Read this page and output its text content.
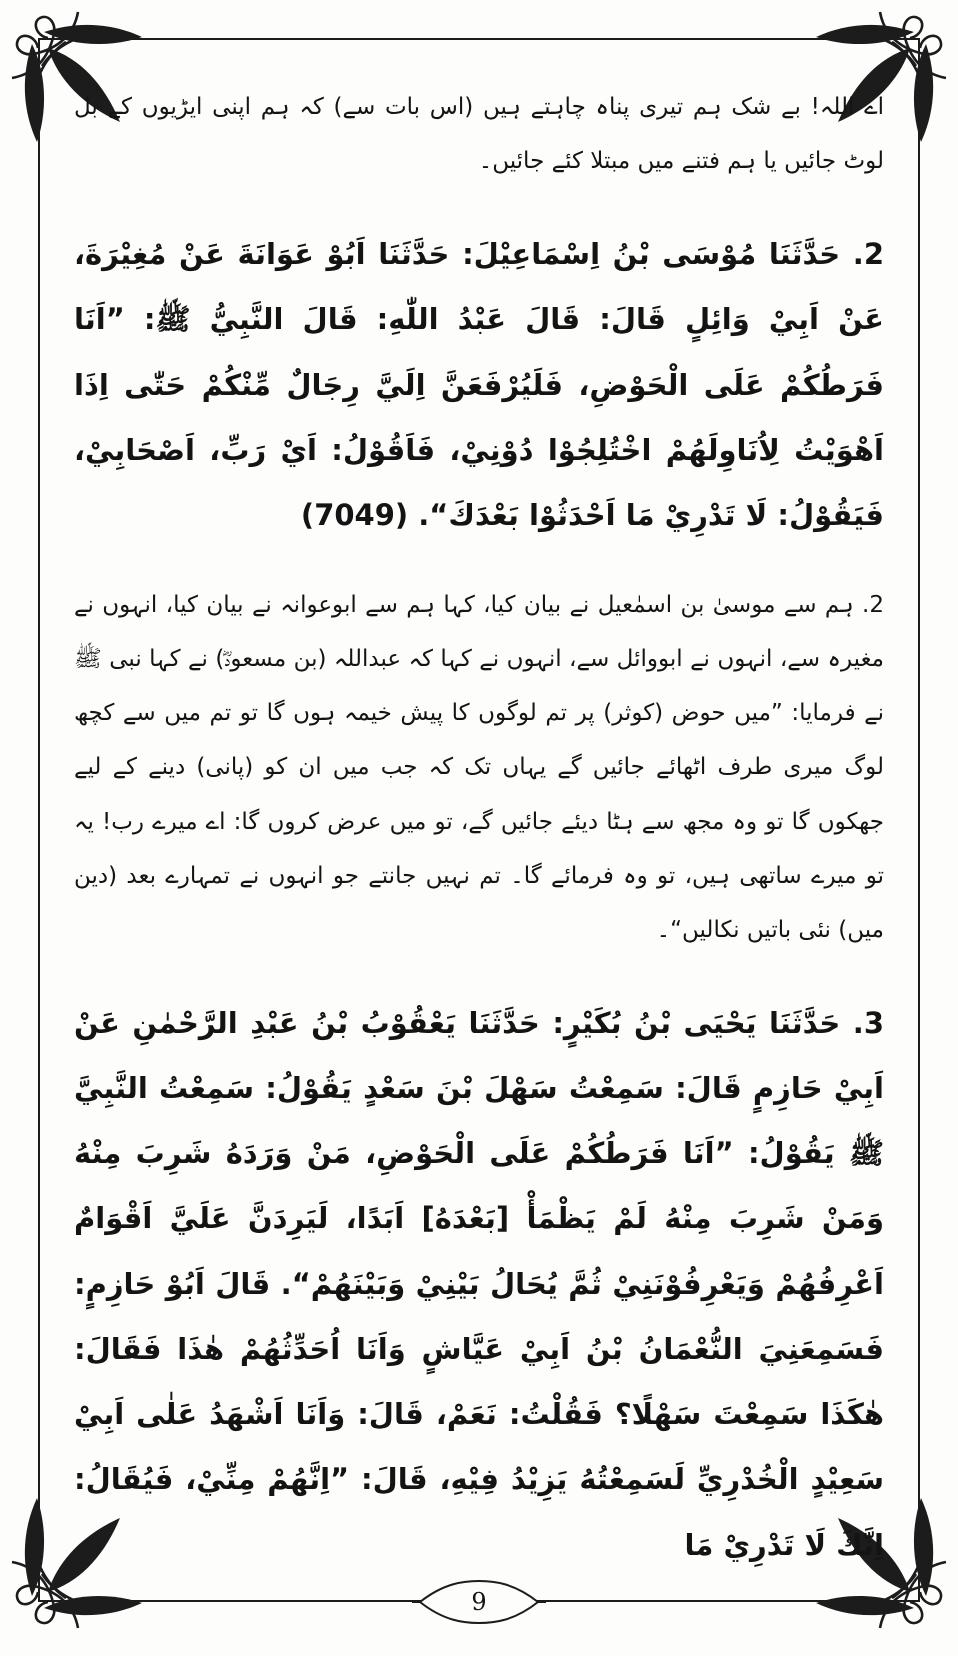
اے اللہ! بے شک ہم تیری پناہ چاہتے ہیں (اس بات سے) کہ ہم اپنی ایڑیوں کے بل لوٹ جائیں یا ہم فتنے میں مبتلا کئے جائیں۔

2. حَدَّثَنَا مُوْسَى بْنُ اِسْمَاعِيْلَ: حَدَّثَنَا اَبُوْ عَوَانَةَ عَنْ مُغِيْرَةَ، عَنْ اَبِيْ وَائِلٍ قَالَ: قَالَ عَبْدُ اللّٰهِ: قَالَ النَّبِيُّ ﷺ: ”اَنَا فَرَطُكُمْ عَلَى الْحَوْضِ، فَلَيُرْفَعَنَّ اِلَيَّ رِجَالٌ مِّنْكُمْ حَتّٰى اِذَا اَهْوَيْتُ لِاُنَاوِلَهُمْ اخْتُلِجُوْا دُوْنِيْ، فَاَقُوْلُ: اَيْ رَبِّ، اَصْحَابِيْ، فَيَقُوْلُ: لَا تَدْرِيْ مَا اَحْدَثُوْا بَعْدَكَ“. (7049)

2. ہم سے موسیٰ بن اسمٰعیل نے بیان کیا، کہا ہم سے ابوعوانہ نے بیان کیا، انہوں نے مغیرہ سے، انہوں نے ابووائل سے، انہوں نے کہا کہ عبداللہ (بن مسعودؓ) نے کہا نبی ﷺ نے فرمایا: ”میں حوض (کوثر) پر تم لوگوں کا پیش خیمہ ہوں گا تو تم میں سے کچھ لوگ میری طرف اٹھائے جائیں گے یہاں تک کہ جب میں ان کو (پانی) دینے کے لیے جھکوں گا تو وہ مجھ سے ہٹا دیئے جائیں گے، تو میں عرض کروں گا: اے میرے رب! یہ تو میرے ساتھی ہیں، تو وہ فرمائے گا۔ تم نہیں جانتے جو انہوں نے تمہارے بعد (دین میں) نئی باتیں نکالیں“۔

3. حَدَّثَنَا يَحْيَى بْنُ بُكَيْرٍ: حَدَّثَنَا يَعْقُوْبُ بْنُ عَبْدِ الرَّحْمٰنِ عَنْ اَبِيْ حَازِمٍ قَالَ: سَمِعْتُ سَهْلَ بْنَ سَعْدٍ يَقُوْلُ: سَمِعْتُ النَّبِيَّ ﷺ يَقُوْلُ: ”اَنَا فَرَطُكُمْ عَلَى الْحَوْضِ، مَنْ وَرَدَهُ شَرِبَ مِنْهُ وَمَنْ شَرِبَ مِنْهُ لَمْ يَظْمَأْ [بَعْدَهُ] اَبَدًا، لَيَرِدَنَّ عَلَيَّ اَقْوَامٌ اَعْرِفُهُمْ وَيَعْرِفُوْنَنِيْ ثُمَّ يُحَالُ بَيْنِيْ وَبَيْنَهُمْ“. قَالَ اَبُوْ حَازِمٍ: فَسَمِعَنِيَ النُّعْمَانُ بْنُ اَبِيْ عَيَّاشٍ وَاَنَا اُحَدِّثُهُمْ هٰذَا فَقَالَ: هٰكَذَا سَمِعْتَ سَهْلًا؟ فَقُلْتُ: نَعَمْ، قَالَ: وَاَنَا اَشْهَدُ عَلٰى اَبِيْ سَعِيْدٍ الْخُدْرِيِّ لَسَمِعْتُهُ يَزِيْدُ فِيْهِ، قَالَ: ”اِنَّهُمْ مِنِّيْ، فَيُقَالُ: اِنَّكَ لَا تَدْرِيْ مَا

9
